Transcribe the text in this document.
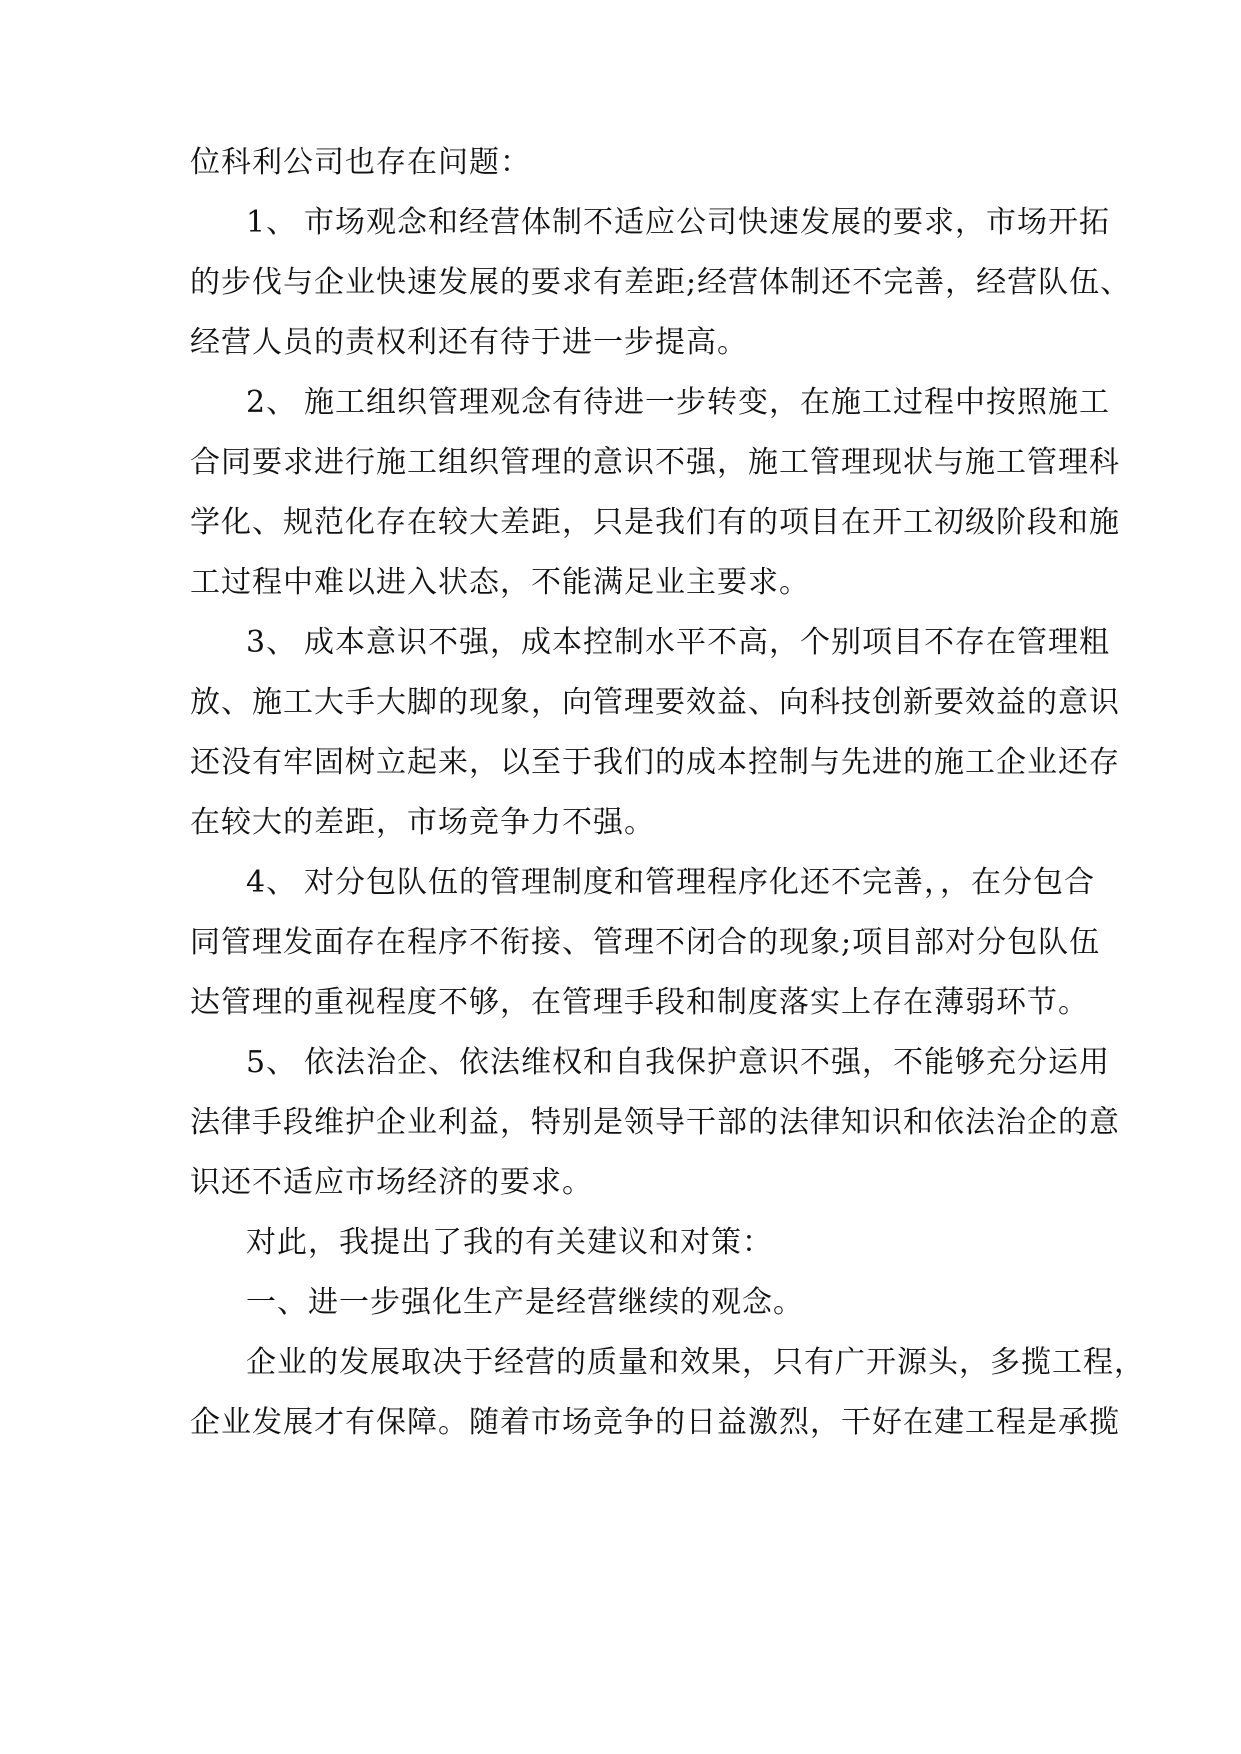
位科利公司也存在问题：
1、 市场观念和经营体制不适应公司快速发展的要求，市场开拓
的步伐与企业快速发展的要求有差距;经营体制还不完善，经营队伍、
经营人员的责权利还有待于进一步提高。
2、 施工组织管理观念有待进一步转变，在施工过程中按照施工
合同要求进行施工组织管理的意识不强，施工管理现状与施工管理科
学化、规范化存在较大差距，只是我们有的项目在开工初级阶段和施
工过程中难以进入状态，不能满足业主要求。
3、 成本意识不强，成本控制水平不高，个别项目不存在管理粗
放、施工大手大脚的现象，向管理要效益、向科技创新要效益的意识
还没有牢固树立起来，以至于我们的成本控制与先进的施工企业还存
在较大的差距，市场竞争力不强。
4、 对分包队伍的管理制度和管理程序化还不完善，，在分包合
同管理发面存在程序不衔接、管理不闭合的现象;项目部对分包队伍
达管理的重视程度不够，在管理手段和制度落实上存在薄弱环节。
5、 依法治企、依法维权和自我保护意识不强，不能够充分运用
法律手段维护企业利益，特别是领导干部的法律知识和依法治企的意
识还不适应市场经济的要求。
对此，我提出了我的有关建议和对策：
一、进一步强化生产是经营继续的观念。
企业的发展取决于经营的质量和效果，只有广开源头，多揽工程，
企业发展才有保障。随着市场竞争的日益激烈，干好在建工程是承揽
